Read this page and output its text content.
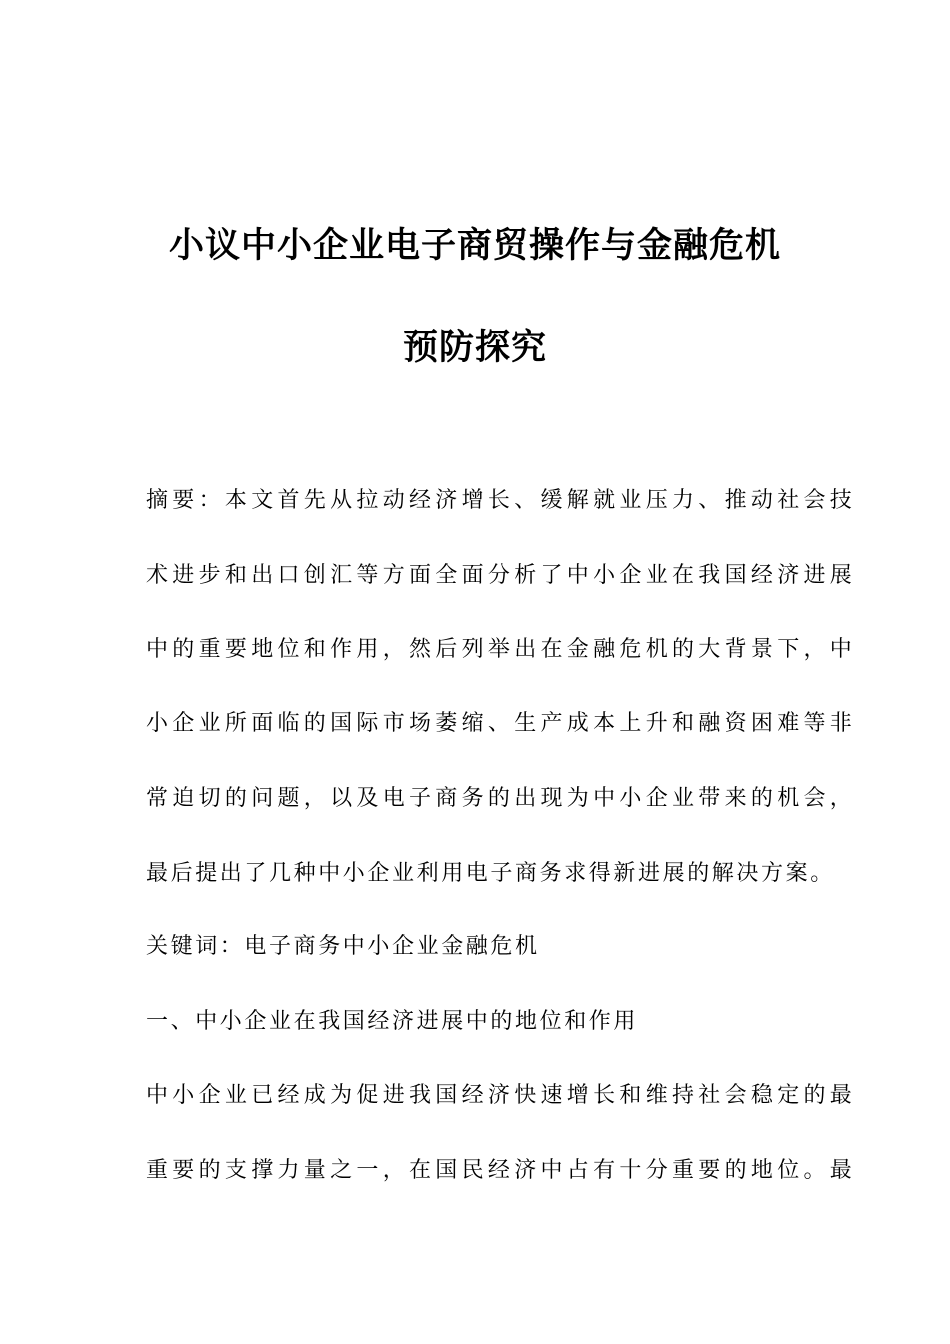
小议中小企业电子商贸操作与金融危机
预防探究
摘要：本文首先从拉动经济增长、缓解就业压力、推动社会技
术进步和出口创汇等方面全面分析了中小企业在我国经济进展
中的重要地位和作用，然后列举出在金融危机的大背景下，中
小企业所面临的国际市场萎缩、生产成本上升和融资困难等非
常迫切的问题，以及电子商务的出现为中小企业带来的机会，
最后提出了几种中小企业利用电子商务求得新进展的解决方案。
关键词：电子商务中小企业金融危机
一、中小企业在我国经济进展中的地位和作用
中小企业已经成为促进我国经济快速增长和维持社会稳定的最
重要的支撑力量之一，在国民经济中占有十分重要的地位。最
